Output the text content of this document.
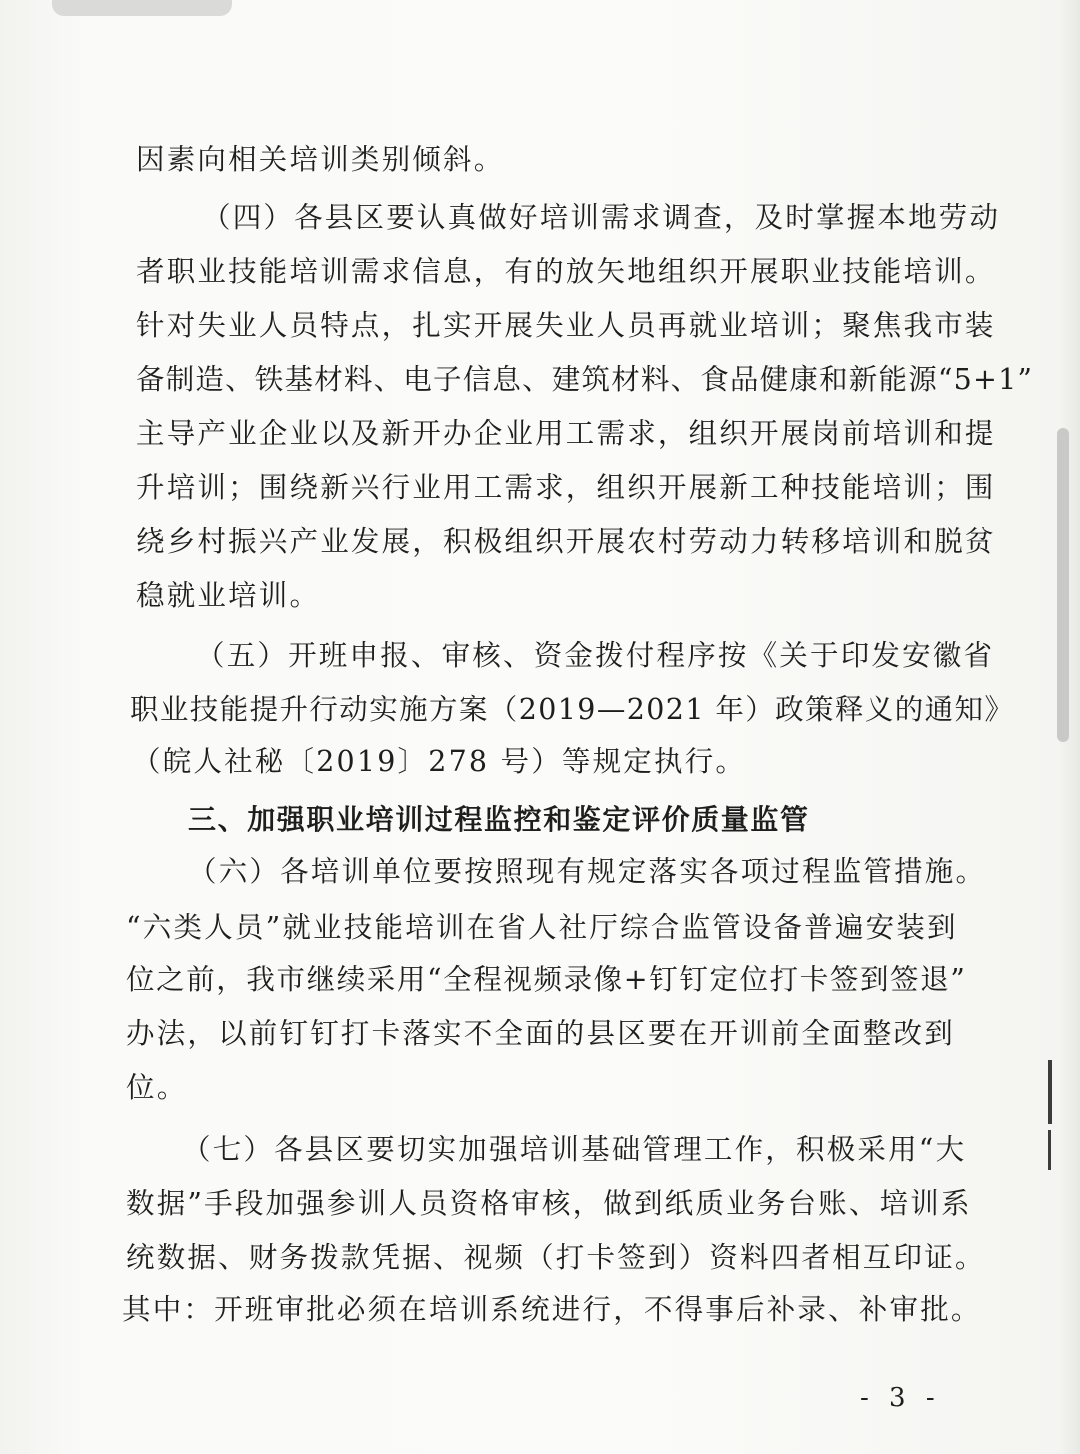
因素向相关培训类别倾斜。
（四）各县区要认真做好培训需求调查，及时掌握本地劳动
者职业技能培训需求信息，有的放矢地组织开展职业技能培训。
针对失业人员特点，扎实开展失业人员再就业培训；聚焦我市装
备制造、铁基材料、电子信息、建筑材料、食品健康和新能源“5+1”
主导产业企业以及新开办企业用工需求，组织开展岗前培训和提
升培训；围绕新兴行业用工需求，组织开展新工种技能培训；围
绕乡村振兴产业发展，积极组织开展农村劳动力转移培训和脱贫
稳就业培训。
（五）开班申报、审核、资金拨付程序按《关于印发安徽省
职业技能提升行动实施方案（2019—2021 年）政策释义的通知》
（皖人社秘〔2019〕278 号）等规定执行。
三、加强职业培训过程监控和鉴定评价质量监管
（六）各培训单位要按照现有规定落实各项过程监管措施。
“六类人员”就业技能培训在省人社厅综合监管设备普遍安装到
位之前，我市继续采用“全程视频录像+钉钉定位打卡签到签退”
办法，以前钉钉打卡落实不全面的县区要在开训前全面整改到
位。
（七）各县区要切实加强培训基础管理工作，积极采用“大
数据”手段加强参训人员资格审核，做到纸质业务台账、培训系
统数据、财务拨款凭据、视频（打卡签到）资料四者相互印证。
其中：开班审批必须在培训系统进行，不得事后补录、补审批。
- 3 -
